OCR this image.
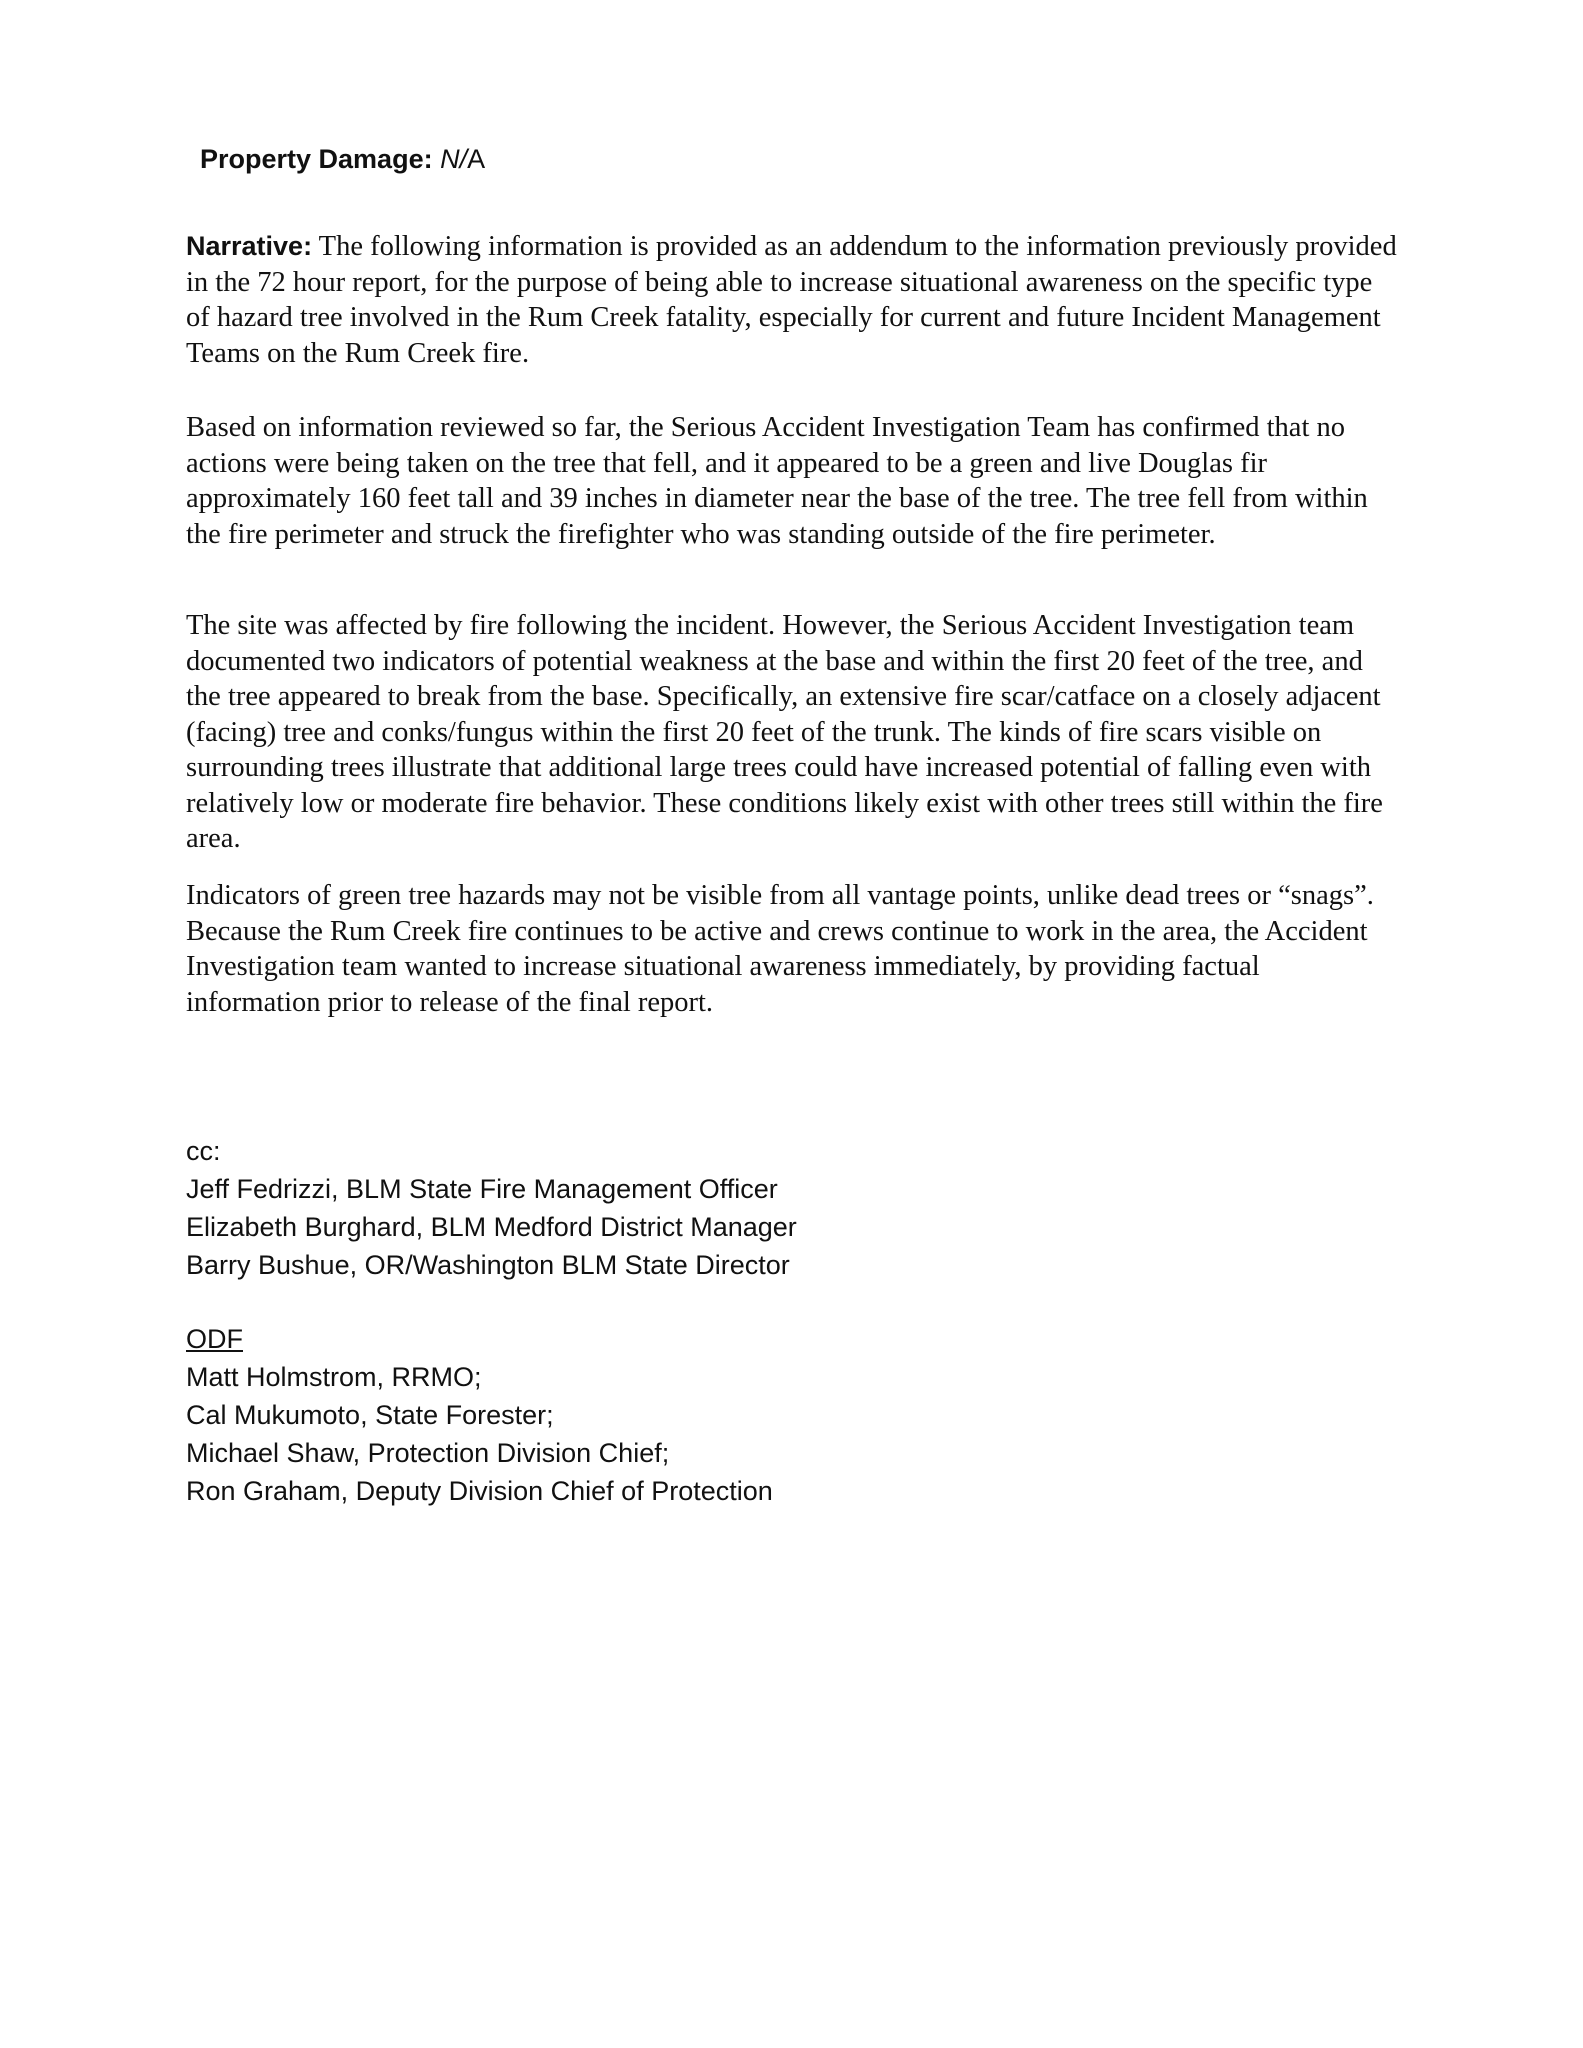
Property Damage: N/A

Narrative: The following information is provided as an addendum to the information previously provided in the 72 hour report, for the purpose of being able to increase situational awareness on the specific type of hazard tree involved in the Rum Creek fatality, especially for current and future Incident Management Teams on the Rum Creek fire.

Based on information reviewed so far, the Serious Accident Investigation Team has confirmed that no actions were being taken on the tree that fell, and it appeared to be a green and live Douglas fir approximately 160 feet tall and 39 inches in diameter near the base of the tree. The tree fell from within the fire perimeter and struck the firefighter who was standing outside of the fire perimeter.

The site was affected by fire following the incident. However, the Serious Accident Investigation team documented two indicators of potential weakness at the base and within the first 20 feet of the tree, and the tree appeared to break from the base. Specifically, an extensive fire scar/catface on a closely adjacent (facing) tree and conks/fungus within the first 20 feet of the trunk. The kinds of fire scars visible on surrounding trees illustrate that additional large trees could have increased potential of falling even with relatively low or moderate fire behavior. These conditions likely exist with other trees still within the fire area.

Indicators of green tree hazards may not be visible from all vantage points, unlike dead trees or “snags”. Because the Rum Creek fire continues to be active and crews continue to work in the area, the Accident Investigation team wanted to increase situational awareness immediately, by providing factual information prior to release of the final report.

cc:
Jeff Fedrizzi, BLM State Fire Management Officer
Elizabeth Burghard, BLM Medford District Manager
Barry Bushue, OR/Washington BLM State Director
ODF
Matt Holmstrom, RRMO;
Cal Mukumoto, State Forester;
Michael Shaw, Protection Division Chief;
Ron Graham, Deputy Division Chief of Protection
